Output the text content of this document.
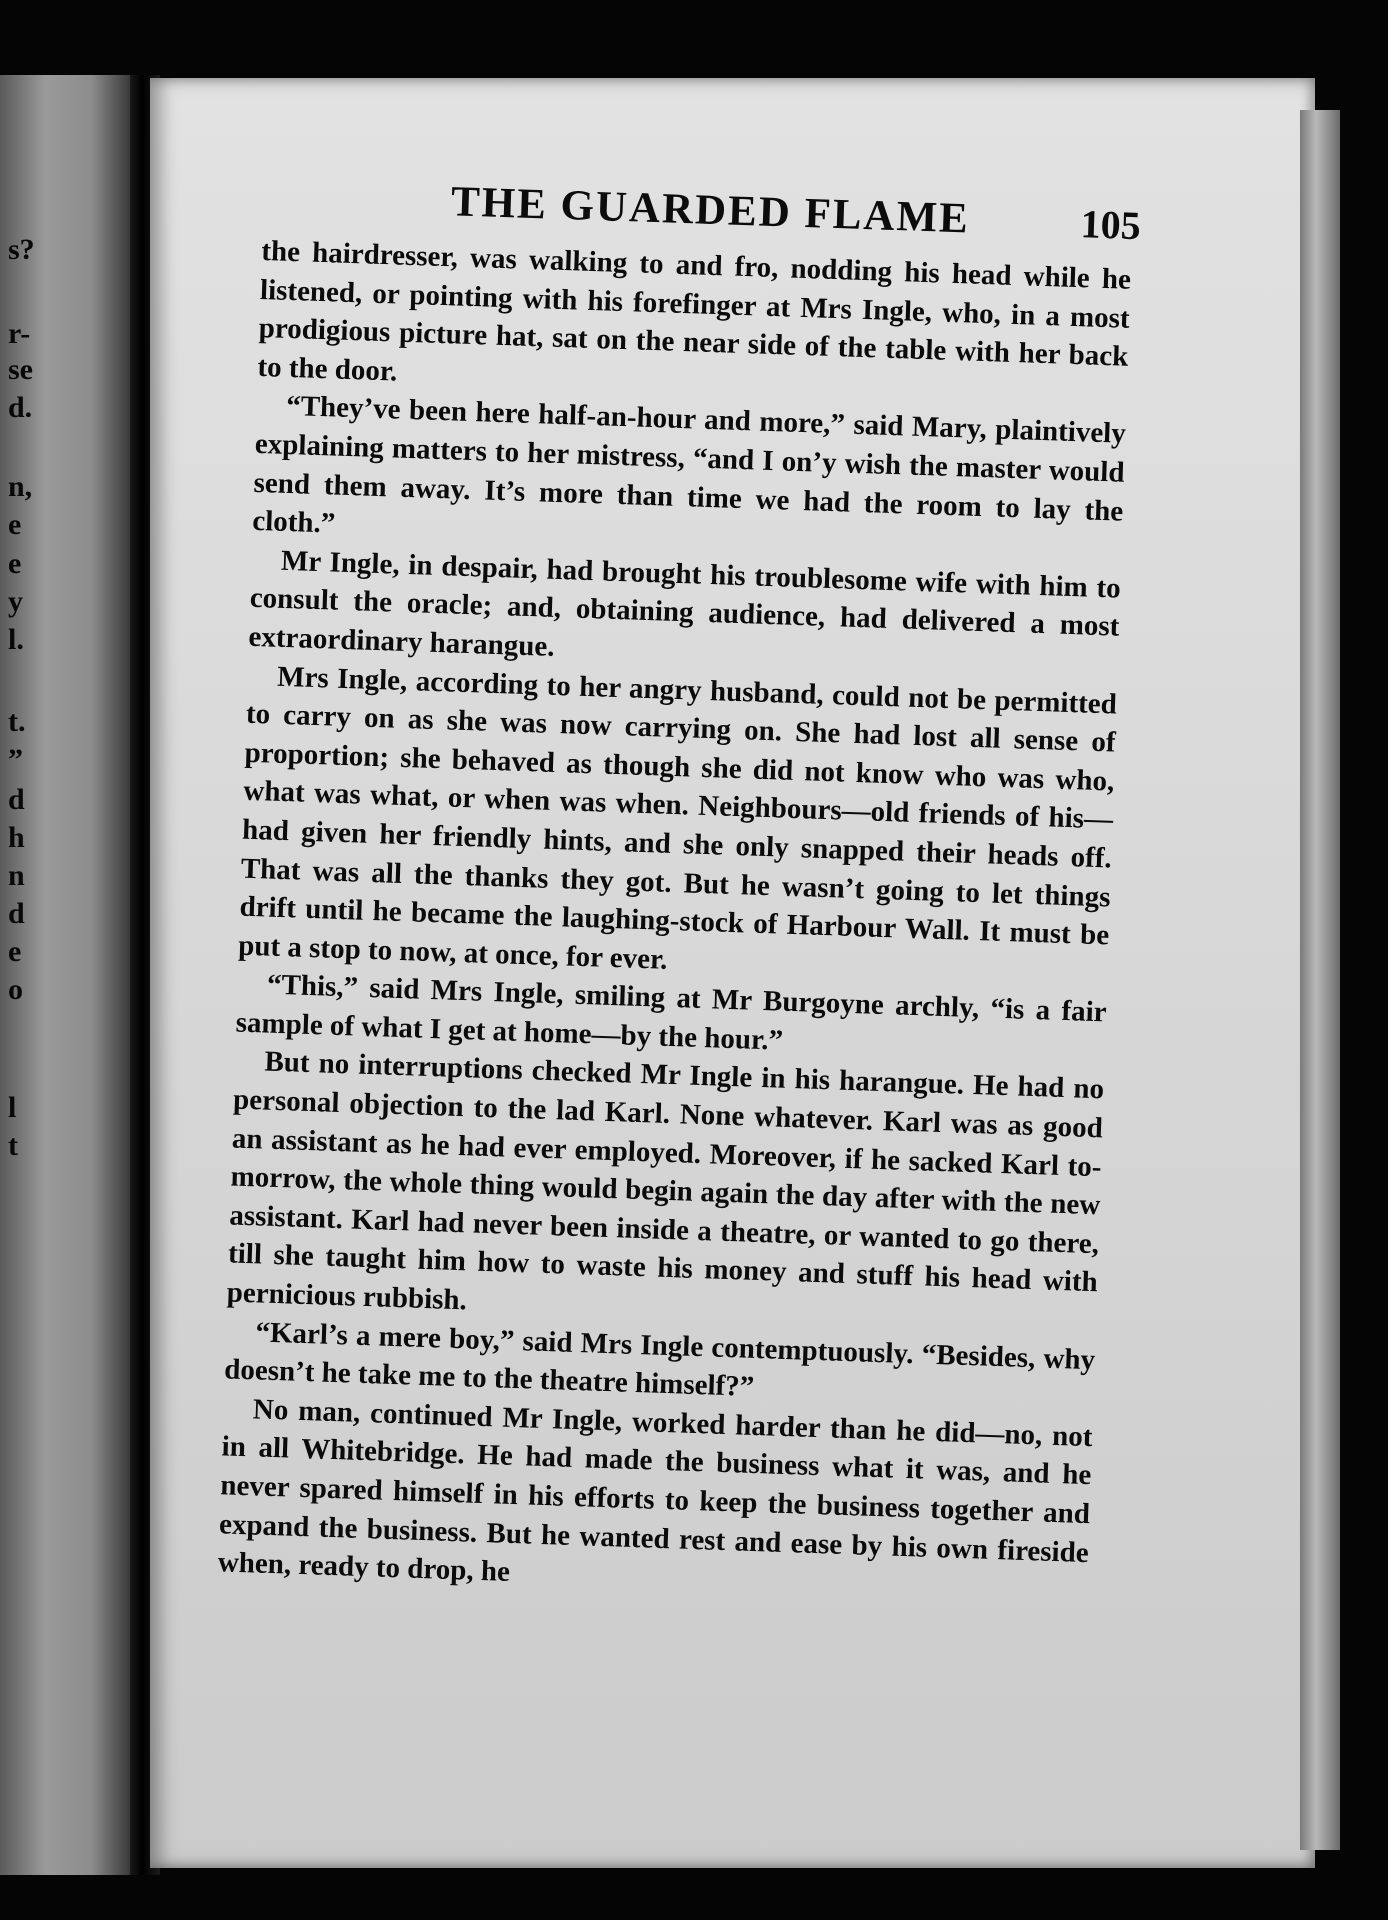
s?
r-
se
d.
n,
e
e
y
l.
t.
”
d
h
n
d
e
o
l
t
THE GUARDED FLAME	105

the hairdresser, was walking to and fro, nodding his head while he listened, or pointing with his forefinger at Mrs Ingle, who, in a most prodigious picture hat, sat on the near side of the table with her back to the door.

“They’ve been here half-an-hour and more,” said Mary, plaintively explaining matters to her mistress, “and I on’y wish the master would send them away. It’s more than time we had the room to lay the cloth.”

Mr Ingle, in despair, had brought his troublesome wife with him to consult the oracle; and, obtaining audience, had delivered a most extraordinary harangue.

Mrs Ingle, according to her angry husband, could not be permitted to carry on as she was now carrying on. She had lost all sense of proportion; she behaved as though she did not know who was who, what was what, or when was when. Neighbours—old friends of his—had given her friendly hints, and she only snapped their heads off. That was all the thanks they got. But he wasn’t going to let things drift until he became the laughing-stock of Harbour Wall. It must be put a stop to now, at once, for ever.

“This,” said Mrs Ingle, smiling at Mr Burgoyne archly, “is a fair sample of what I get at home—by the hour.”

But no interruptions checked Mr Ingle in his harangue. He had no personal objection to the lad Karl. None whatever. Karl was as good an assistant as he had ever employed. Moreover, if he sacked Karl to-morrow, the whole thing would begin again the day after with the new assistant. Karl had never been inside a theatre, or wanted to go there, till she taught him how to waste his money and stuff his head with pernicious rubbish.

“Karl’s a mere boy,” said Mrs Ingle contemptuously. “Besides, why doesn’t he take me to the theatre himself?”

No man, continued Mr Ingle, worked harder than he did—no, not in all Whitebridge. He had made the business what it was, and he never spared himself in his efforts to keep the business together and expand the business. But he wanted rest and ease by his own fireside when, ready to drop, he
